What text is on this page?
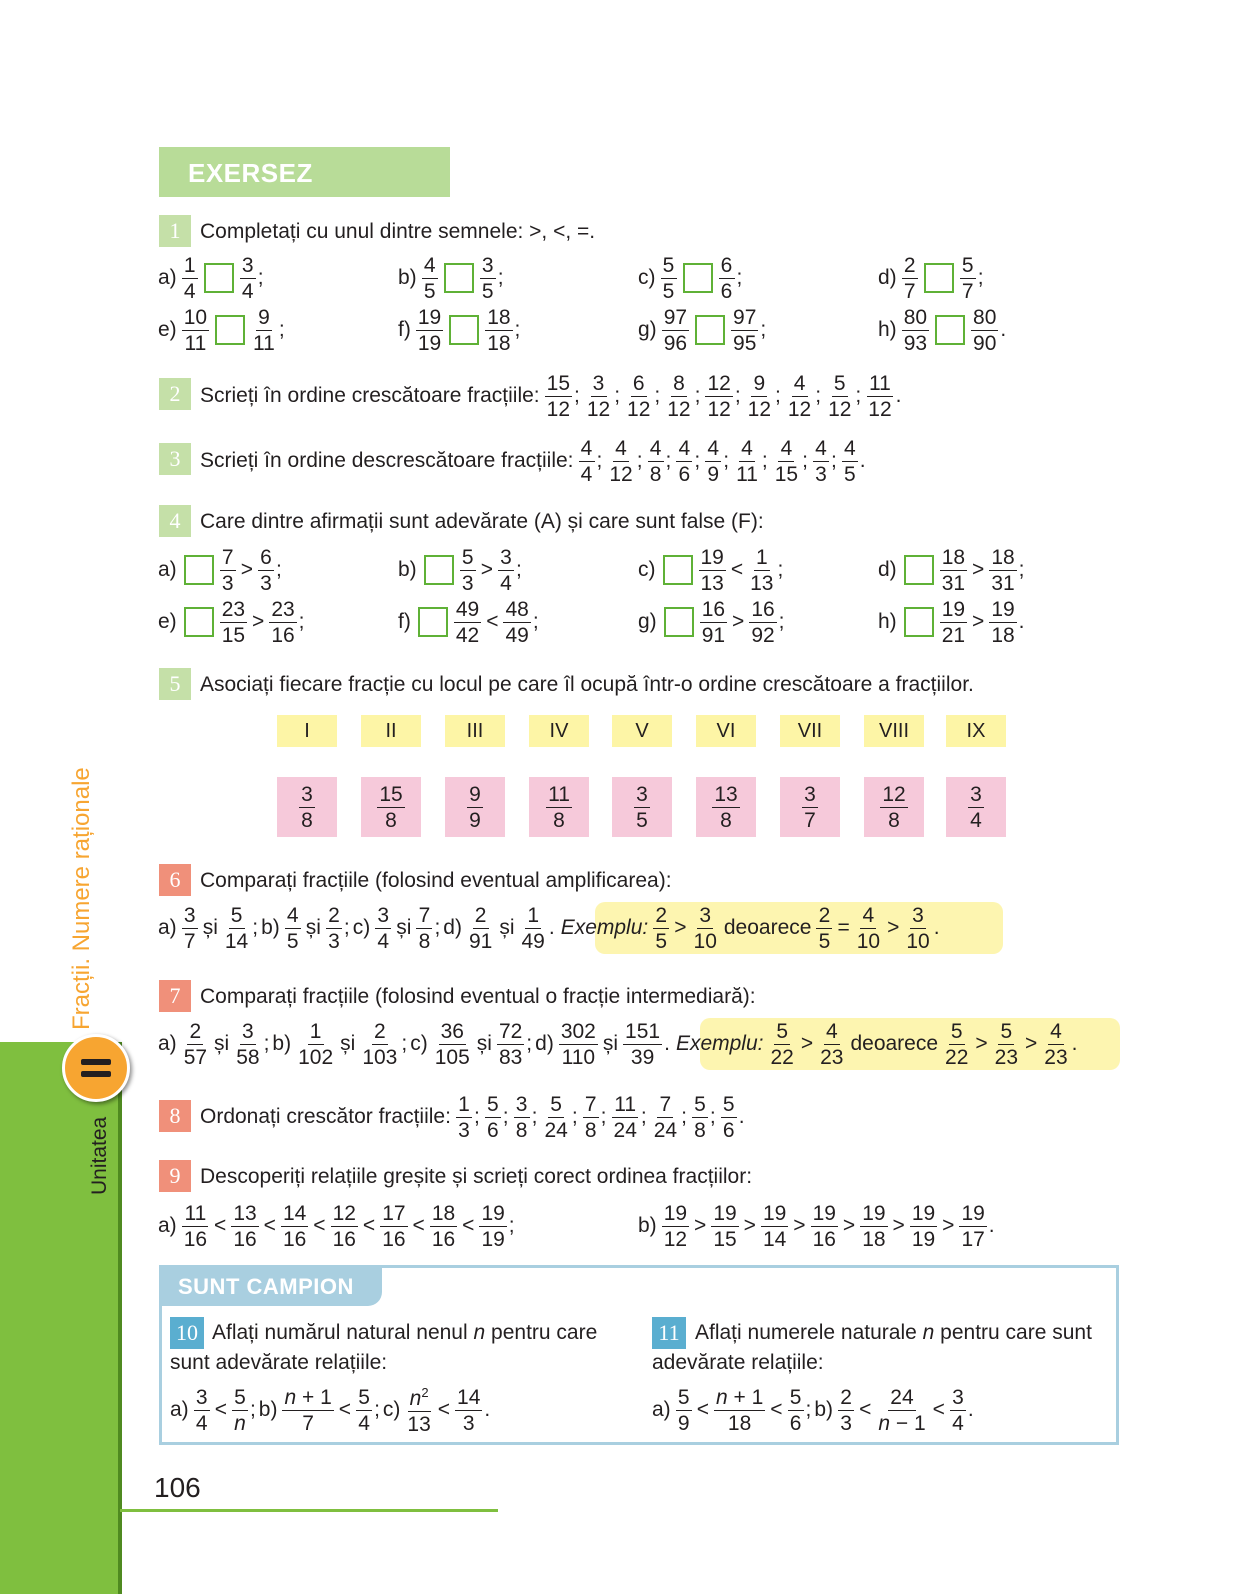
EXERSEZ
Fracții. Numere raționale
Unitatea
1 Completați cu unul dintre semnele: >, <, =.
$a) \frac{1}{4} \frac{3}{4}$ ;	$b) \frac{4}{5} \frac{3}{5}$ ;	$c) \frac{5}{5} \frac{6}{6}$ ;	$d) \frac{2}{7} \frac{5}{7}$ ;
$e) \frac{10}{11} \frac{9}{11}$ ;	$f) \frac{19}{19} \frac{18}{18}$ ;	$g) \frac{97}{96} \frac{97}{95}$ ;	$h) \frac{80}{93} \frac{80}{90}$ .
2 Scrieți în ordine crescătoare fracțiile: $\frac{15}{12}$ ; $\frac{3}{12}$ ; $\frac{6}{12}$ ; $\frac{8}{12}$ ; $\frac{12}{12}$ ; $\frac{9}{12}$ ; $\frac{4}{12}$ ; $\frac{5}{12}$ ; $\frac{11}{12}$ .
3 Scrieți în ordine descrescătoare fracțiile: $\frac{4}{4}$ ; $\frac{4}{12}$ ; $\frac{4}{8}$ ; $\frac{4}{6}$ ; $\frac{4}{9}$ ; $\frac{4}{11}$ ; $\frac{4}{15}$ ; $\frac{4}{3}$ ; $\frac{4}{5}$ .
4 Care dintre afirmații sunt adevărate (A) și care sunt false (F):
$a) \frac{7}{3} > \frac{6}{3}$ ;	$b) \frac{5}{3} > \frac{3}{4}$ ;	$c) \frac{19}{13} < \frac{1}{13}$ ;	$d) \frac{18}{31} > \frac{18}{31}$ ;
$e) \frac{23}{15} > \frac{23}{16}$ ;	$f) \frac{49}{42} < \frac{48}{49}$ ;	$g) \frac{16}{91} > \frac{16}{92}$ ;	$h) \frac{19}{21} > \frac{19}{18}$ .
5 Asociați fiecare fracție cu locul pe care îl ocupă într-o ordine crescătoare a fracțiilor.
I	II	III	IV	V	VI	VII	VIII	IX
$\frac{3}{8}$	$\frac{15}{8}$	$\frac{9}{9}$	$\frac{11}{8}$	$\frac{3}{5}$	$\frac{13}{8}$	$\frac{3}{7}$	$\frac{12}{8}$	$\frac{3}{4}$
6 Comparați fracțiile (folosind eventual amplificarea):
$a) \frac{3}{7}$ și $\frac{5}{14}$ ; $b) \frac{4}{5}$ și $\frac{2}{3}$ ; $c) \frac{3}{4}$ și $\frac{7}{8}$ ; $d) \frac{2}{91}$ și $\frac{1}{49}$ . Exemplu: $\frac{2}{5} > \frac{3}{10}$ deoarece $\frac{2}{5} = \frac{4}{10} > \frac{3}{10}$ .
7 Comparați fracțiile (folosind eventual o fracție intermediară):
$a) \frac{2}{57}$ și $\frac{3}{58}$ ; $b) \frac{1}{102}$ și $\frac{2}{103}$ ; $c) \frac{36}{105}$ și $\frac{72}{83}$ ; $d) \frac{302}{110}$ și $\frac{151}{39}$ . Exemplu: $\frac{5}{22} > \frac{4}{23}$ deoarece $\frac{5}{22} > \frac{5}{23} > \frac{4}{23}$ .
8 Ordonați crescător fracțiile: $\frac{1}{3}$ ; $\frac{5}{6}$ ; $\frac{3}{8}$ ; $\frac{5}{24}$ ; $\frac{7}{8}$ ; $\frac{11}{24}$ ; $\frac{7}{24}$ ; $\frac{5}{8}$ ; $\frac{5}{6}$ .
9 Descoperiți relațiile greșite și scrieți corect ordinea fracțiilor:
$a) \frac{11}{16} < \frac{13}{16} < \frac{14}{16} < \frac{12}{16} < \frac{17}{16} < \frac{18}{16} < \frac{19}{19}$ ;	$b) \frac{19}{12} > \frac{19}{15} > \frac{19}{14} > \frac{19}{16} > \frac{19}{18} > \frac{19}{19} > \frac{19}{17}$ .
SUNT CAMPION
10 Aflați numărul natural nenul n pentru care
sunt adevărate relațiile:
$a) \frac{3}{4} < \frac{5}{n}$ ; $b) \frac{n + 1}{7} < \frac{5}{4}$ ; $c) \frac{n^2}{13} < \frac{14}{3}$ .
11 Aflați numerele naturale n pentru care sunt
adevărate relațiile:
$a) \frac{5}{9} < \frac{n + 1}{18} < \frac{5}{6}$ ; $b) \frac{2}{3} < \frac{24}{n - 1} < \frac{3}{4}$ .
106
